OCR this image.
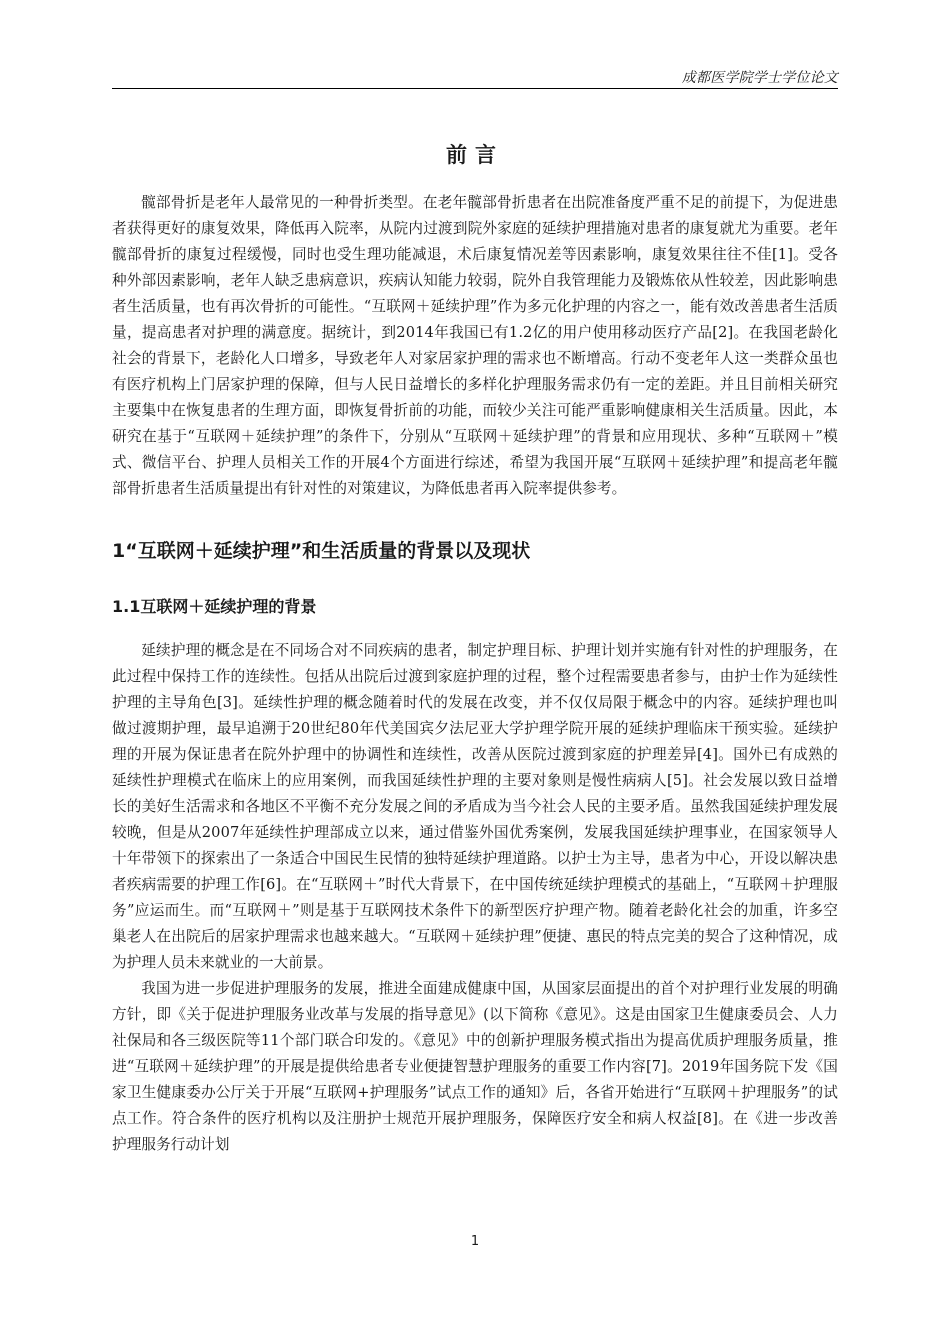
成都医学院学士学位论文
前言

髋部骨折是老年人最常见的一种骨折类型。在老年髋部骨折患者在出院准备度严重不足的前提下，为促进患者获得更好的康复效果，降低再入院率，从院内过渡到院外家庭的延续护理措施对患者的康复就尤为重要。老年髋部骨折的康复过程缓慢，同时也受生理功能减退，术后康复情况差等因素影响，康复效果往往不佳[1]。受各种外部因素影响，老年人缺乏患病意识，疾病认知能力较弱，院外自我管理能力及锻炼依从性较差，因此影响患者生活质量，也有再次骨折的可能性。“互联网＋延续护理”作为多元化护理的内容之一，能有效改善患者生活质量，提高患者对护理的满意度。据统计，到2014年我国已有1.2亿的用户使用移动医疗产品[2]。在我国老龄化社会的背景下，老龄化人口增多，导致老年人对家居家护理的需求也不断增高。行动不变老年人这一类群众虽也有医疗机构上门居家护理的保障，但与人民日益增长的多样化护理服务需求仍有一定的差距。并且目前相关研究主要集中在恢复患者的生理方面，即恢复骨折前的功能，而较少关注可能严重影响健康相关生活质量。因此，本研究在基于“互联网＋延续护理”的条件下，分别从“互联网＋延续护理”的背景和应用现状、多种“互联网＋”模式、微信平台、护理人员相关工作的开展4个方面进行综述，希望为我国开展“互联网＋延续护理”和提高老年髋部骨折患者生活质量提出有针对性的对策建议，为降低患者再入院率提供参考。

1“互联网＋延续护理”和生活质量的背景以及现状
1.1互联网＋延续护理的背景

延续护理的概念是在不同场合对不同疾病的患者，制定护理目标、护理计划并实施有针对性的护理服务，在此过程中保持工作的连续性。包括从出院后过渡到家庭护理的过程，整个过程需要患者参与，由护士作为延续性护理的主导角色[3]。延续性护理的概念随着时代的发展在改变，并不仅仅局限于概念中的内容。延续护理也叫做过渡期护理，最早追溯于20世纪80年代美国宾夕法尼亚大学护理学院开展的延续护理临床干预实验。延续护理的开展为保证患者在院外护理中的协调性和连续性，改善从医院过渡到家庭的护理差异[4]。国外已有成熟的延续性护理模式在临床上的应用案例，而我国延续性护理的主要对象则是慢性病病人[5]。社会发展以致日益增长的美好生活需求和各地区不平衡不充分发展之间的矛盾成为当今社会人民的主要矛盾。虽然我国延续护理发展较晚，但是从2007年延续性护理部成立以来，通过借鉴外国优秀案例，发展我国延续护理事业，在国家领导人十年带领下的探索出了一条适合中国民生民情的独特延续护理道路。以护士为主导，患者为中心，开设以解决患者疾病需要的护理工作[6]。在“互联网＋”时代大背景下，在中国传统延续护理模式的基础上，“互联网＋护理服务”应运而生。而“互联网＋”则是基于互联网技术条件下的新型医疗护理产物。随着老龄化社会的加重，许多空巢老人在出院后的居家护理需求也越来越大。“互联网＋延续护理”便捷、惠民的特点完美的契合了这种情况，成为护理人员未来就业的一大前景。

我国为进一步促进护理服务的发展，推进全面建成健康中国，从国家层面提出的首个对护理行业发展的明确方针，即《关于促进护理服务业改革与发展的指导意见》(以下简称《意见》。这是由国家卫生健康委员会、人力社保局和各三级医院等11个部门联合印发的。《意见》中的创新护理服务模式指出为提高优质护理服务质量，推进“互联网＋延续护理”的开展是提供给患者专业便捷智慧护理服务的重要工作内容[7]。2019年国务院下发《国家卫生健康委办公厅关于开展“互联网+护理服务”试点工作的通知》后，各省开始进行“互联网＋护理服务”的试点工作。符合条件的医疗机构以及注册护士规范开展护理服务，保障医疗安全和病人权益[8]。在《进一步改善护理服务行动计划

1
